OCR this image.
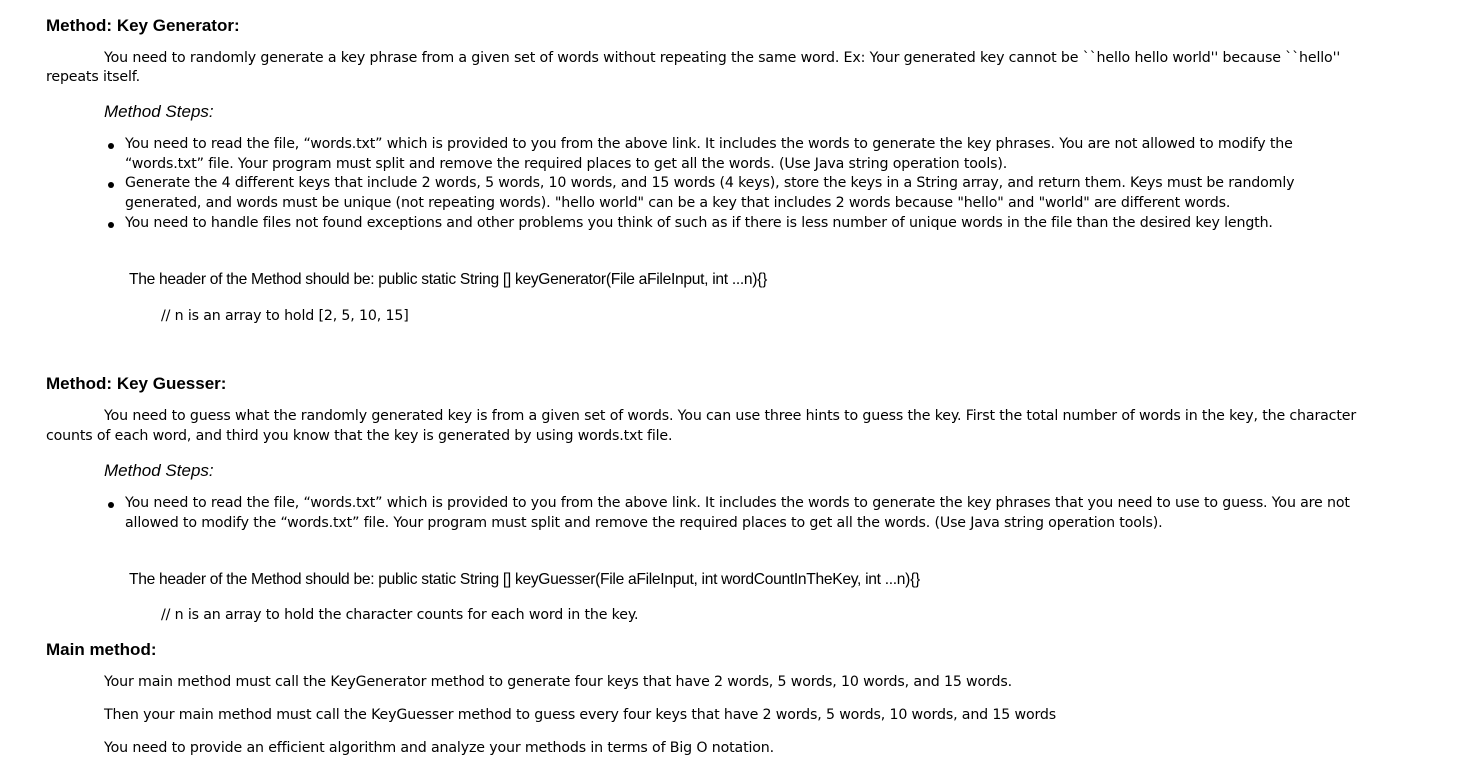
Method: Key Generator:
You need to randomly generate a key phrase from a given set of words without repeating the same word. Ex: Your generated key cannot be ``hello hello world'' because ``hello''
repeats itself.
Method Steps:
You need to read the file, “words.txt” which is provided to you from the above link. It includes the words to generate the key phrases. You are not allowed to modify the
“words.txt” file. Your program must split and remove the required places to get all the words. (Use Java string operation tools).
Generate the 4 different keys that include 2 words, 5 words, 10 words, and 15 words (4 keys), store the keys in a String array, and return them. Keys must be randomly
generated, and words must be unique (not repeating words). "hello world" can be a key that includes 2 words because "hello" and "world" are different words.
You need to handle files not found exceptions and other problems you think of such as if there is less number of unique words in the file than the desired key length.
The header of the Method should be: public static String [] keyGenerator(File aFileInput, int ...n){}
// n is an array to hold [2, 5, 10, 15]
Method: Key Guesser:
You need to guess what the randomly generated key is from a given set of words. You can use three hints to guess the key. First the total number of words in the key, the character
counts of each word, and third you know that the key is generated by using words.txt file.
Method Steps:
You need to read the file, “words.txt” which is provided to you from the above link. It includes the words to generate the key phrases that you need to use to guess. You are not
allowed to modify the “words.txt” file. Your program must split and remove the required places to get all the words. (Use Java string operation tools).
The header of the Method should be: public static String [] keyGuesser(File aFileInput, int wordCountInTheKey, int ...n){}
// n is an array to hold the character counts for each word in the key.
Main method:
Your main method must call the KeyGenerator method to generate four keys that have 2 words, 5 words, 10 words, and 15 words.
Then your main method must call the KeyGuesser method to guess every four keys that have 2 words, 5 words, 10 words, and 15 words
You need to provide an efficient algorithm and analyze your methods in terms of Big O notation.
